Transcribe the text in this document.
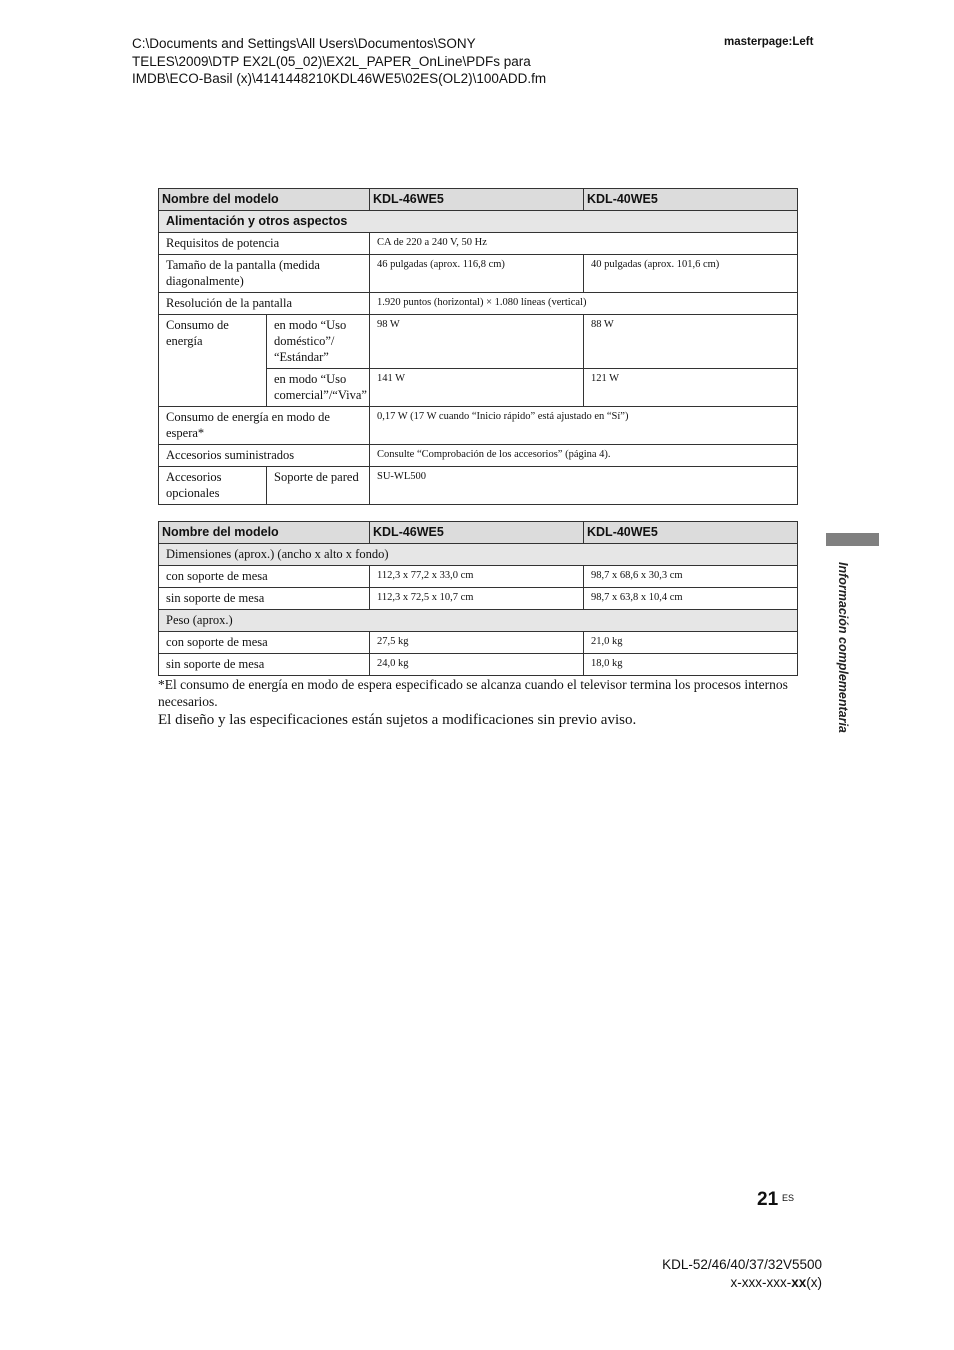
C:\Documents and Settings\All Users\Documentos\SONY
TELES\2009\DTP EX2L(05_02)\EX2L_PAPER_OnLine\PDFs para
IMDB\ECO-Basil (x)\4141448210KDL46WE5\02ES(OL2)\100ADD.fm
masterpage:Left
Nombre del modelo		KDL-46WE5	KDL-40WE5
Alimentación y otros aspectos			
Requisitos de potencia		CA de 220 a 240 V, 50 Hz	
Tamaño de la pantalla (medida diagonalmente)		46 pulgadas (aprox. 116,8 cm)	40 pulgadas (aprox. 101,6 cm)
Resolución de la pantalla		1.920 puntos (horizontal) × 1.080 líneas (vertical)	
Consumo de energía	en modo “Uso doméstico”/ “Estándar”	98 W	88 W
	en modo “Uso comercial”/“Viva”	141 W	121 W
Consumo de energía en modo de espera*		0,17 W (17 W cuando “Inicio rápido” está ajustado en “Sí”)	
Accesorios suministrados		Consulte “Comprobación de los accesorios” (página 4).	
Accesorios opcionales	Soporte de pared	SU-WL500	
Nombre del modelo	KDL-46WE5	KDL-40WE5
Dimensiones (aprox.) (ancho x alto x fondo)		
con soporte de mesa	112,3 x 77,2 x 33,0 cm	98,7 x 68,6 x 30,3 cm
sin soporte de mesa	112,3 x 72,5 x 10,7 cm	98,7 x 63,8 x 10,4 cm
Peso (aprox.)		
con soporte de mesa	27,5 kg	21,0 kg
sin soporte de mesa	24,0 kg	18,0 kg
*El consumo de energía en modo de espera especificado se alcanza cuando el televisor termina los procesos internos necesarios.
El diseño y las especificaciones están sujetos a modificaciones sin previo aviso.	Información complementaria
21 ES
KDL-52/46/40/37/32V5500
x-xxx-xxx-xx(x)
